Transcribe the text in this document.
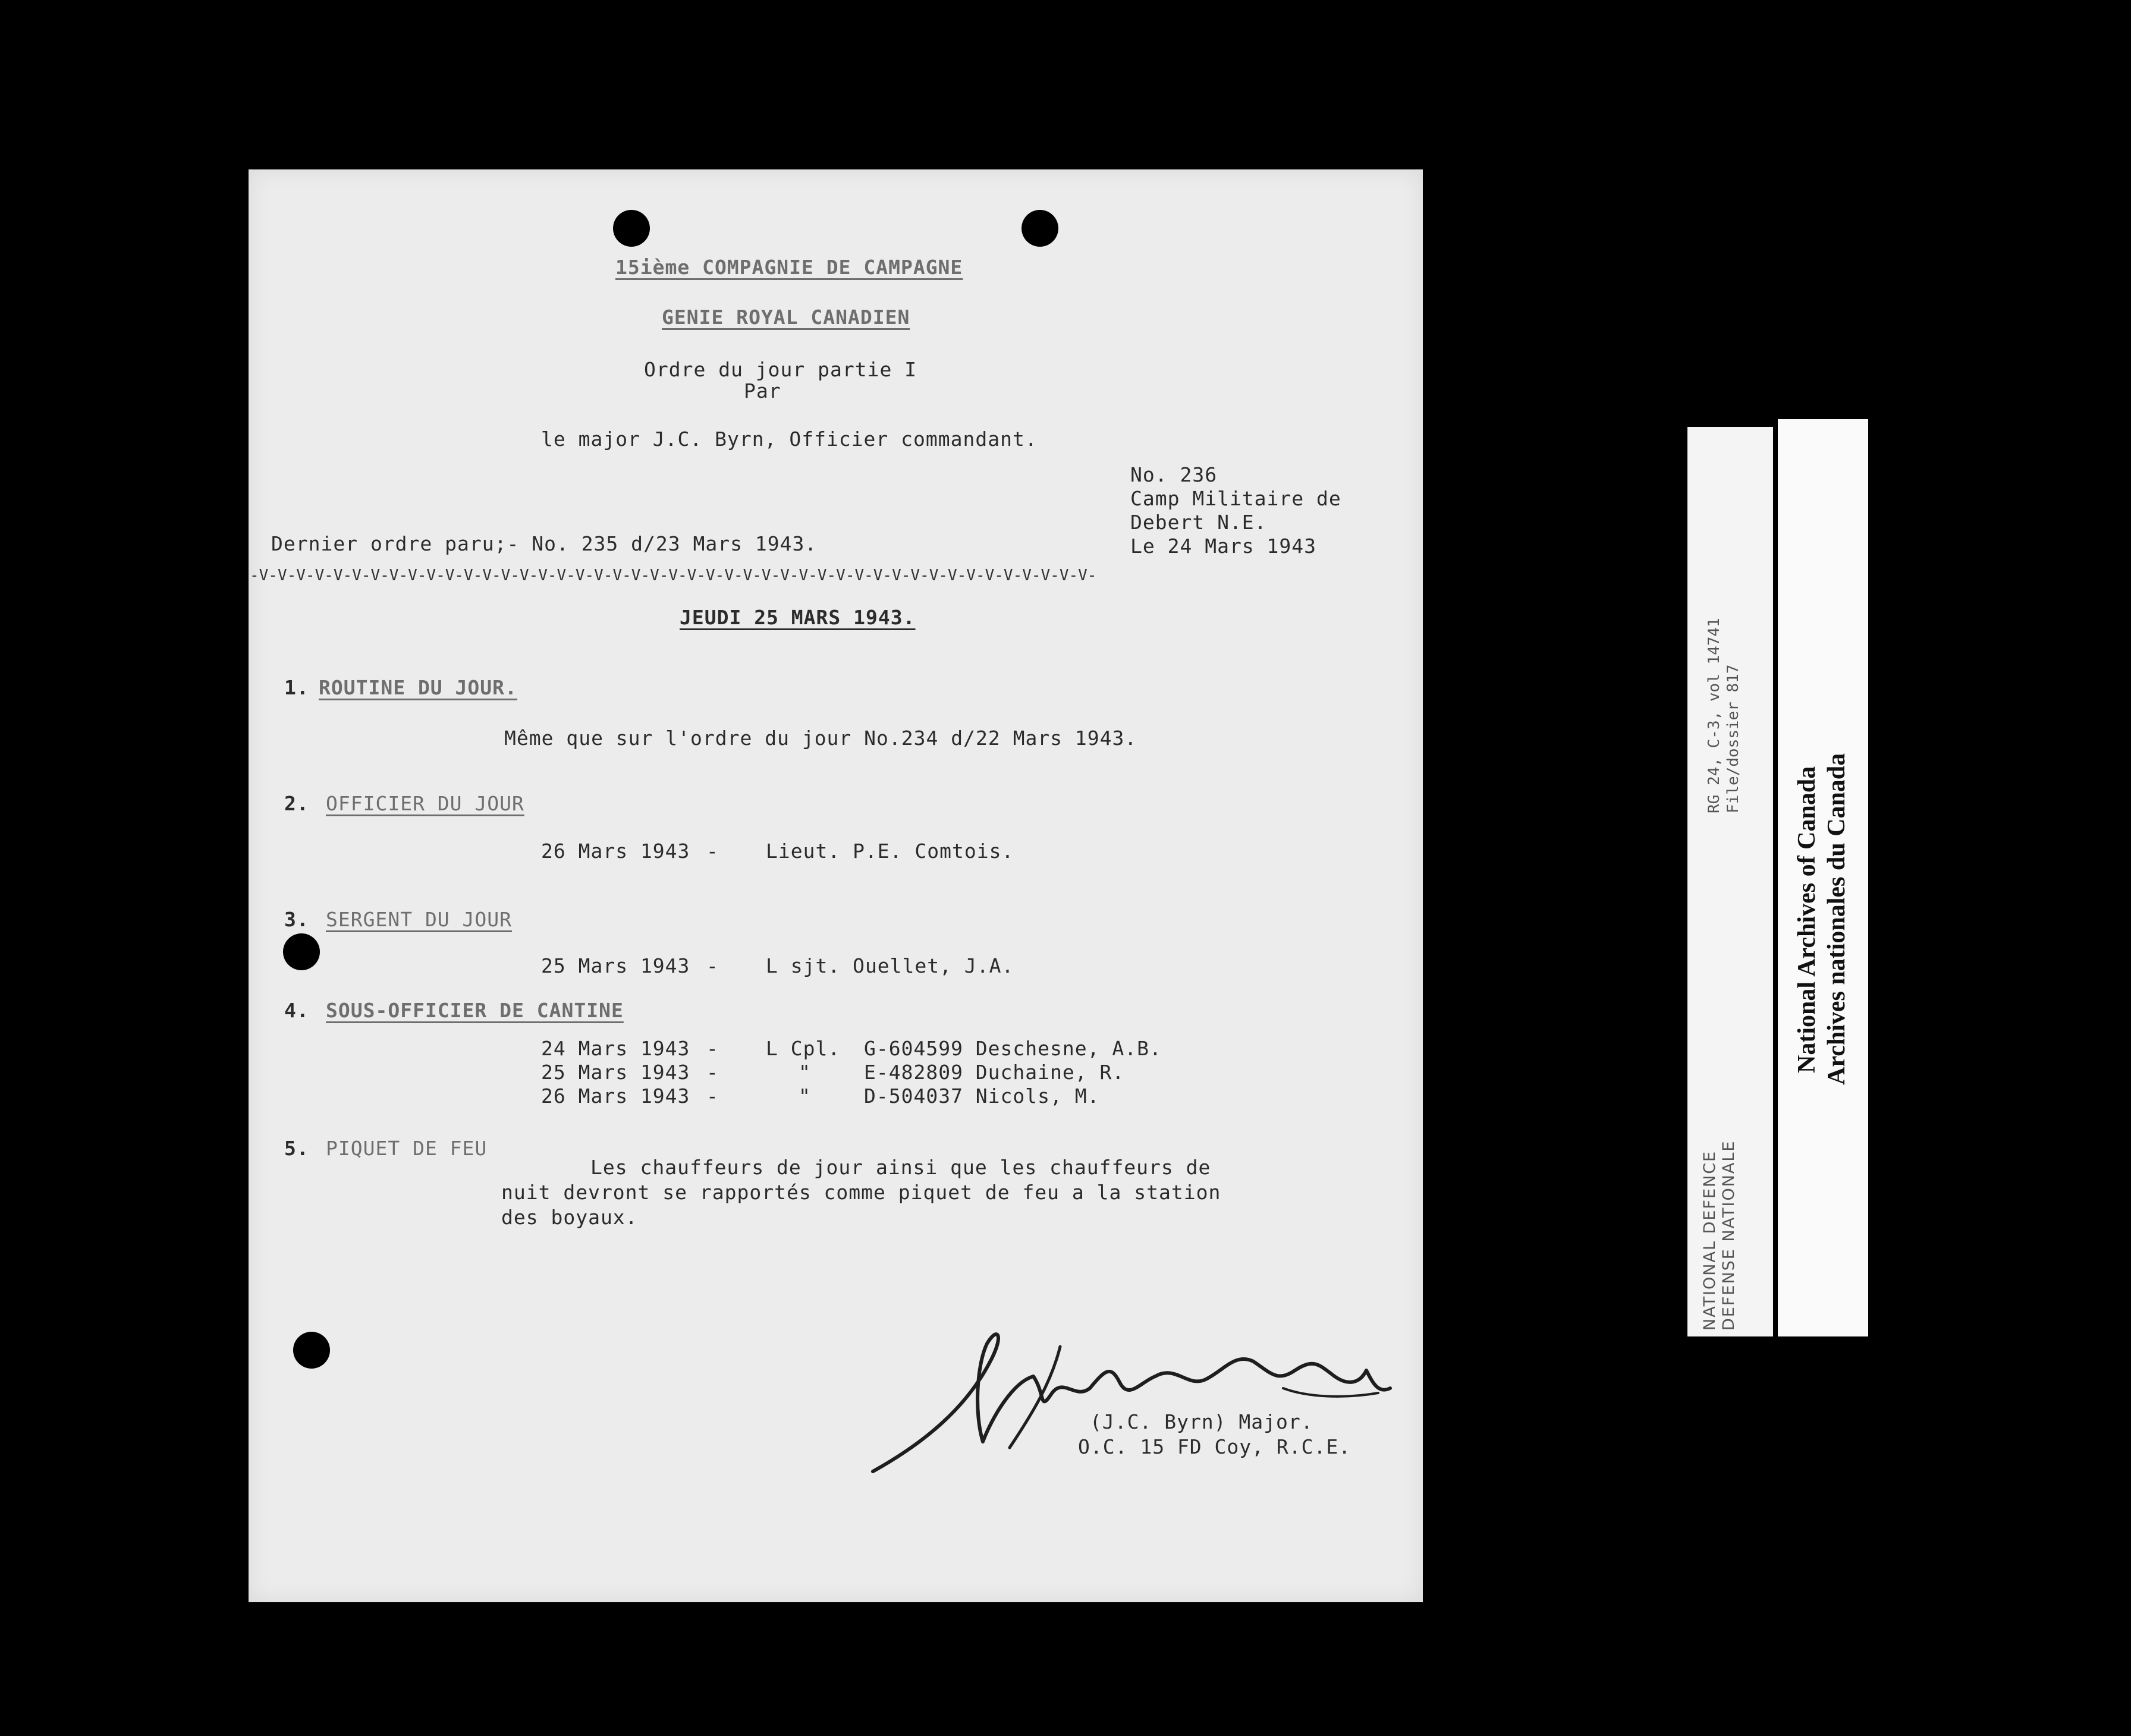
15ième COMPAGNIE DE CAMPAGNE
GENIE ROYAL CANADIEN
Ordre du jour partie I
Par
le major J.C. Byrn, Officier commandant.
No. 236
Camp Militaire de
Debert N.E.
Le 24 Mars 1943
Dernier ordre paru;- No. 235 d/23 Mars 1943.
-V-V-V-V-V-V-V-V-V-V-V-V-V-V-V-V-V-V-V-V-V-V-V-V-V-V-V-V-V-V-V-V-V-V-V-V-V-V-V-V-V-V-V-V-V-
JEUDI 25 MARS 1943.
1. ROUTINE DU JOUR.
Même que sur l'ordre du jour No.234 d/22 Mars 1943.
2. OFFICIER DU JOUR
26 Mars 1943 - Lieut. P.E. Comtois.
3. SERGENT DU JOUR
25 Mars 1943 - L sjt. Ouellet, J.A.
4. SOUS-OFFICIER DE CANTINE
24 Mars 1943 - L Cpl. G-604599 Deschesne, A.B.
25 Mars 1943 -	"	E-482809 Duchaine, R.
26 Mars 1943 -	"	D-504037 Nicols, M.
5. PIQUET DE FEU
Les chauffeurs de jour ainsi que les chauffeurs de
nuit devront se rapportés comme piquet de feu a la station
des boyaux.
(J.C. Byrn) Major.
O.C. 15 FD Coy, R.C.E.
RG 24, C-3, vol 14741 File/dossier 817
NATIONAL DEFENCE DEFENSE NATIONALE
National Archives of Canada Archives nationales du Canada
